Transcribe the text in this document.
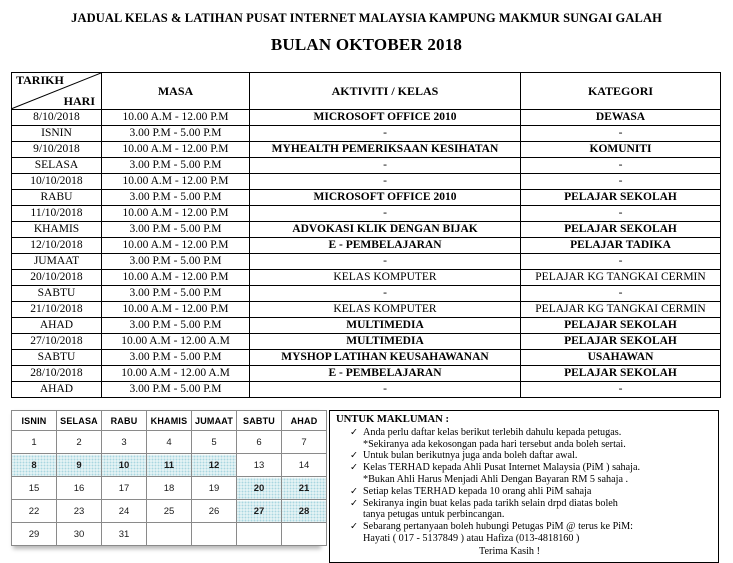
JADUAL KELAS & LATIHAN PUSAT INTERNET MALAYSIA KAMPUNG MAKMUR SUNGAI GALAH
BULAN OKTOBER 2018
TARIKH
HARI	MASA	AKTIVITI / KELAS	KATEGORI
8/10/2018	10.00 A.M - 12.00 P.M	MICROSOFT OFFICE 2010	DEWASA
ISNIN	3.00 P.M - 5.00 P.M	-	-
9/10/2018	10.00 A.M - 12.00 P.M	MYHEALTH PEMERIKSAAN KESIHATAN	KOMUNITI
SELASA	3.00 P.M - 5.00 P.M	-	-
10/10/2018	10.00 A.M - 12.00 P.M	-	-
RABU	3.00 P.M - 5.00 P.M	MICROSOFT OFFICE 2010	PELAJAR SEKOLAH
11/10/2018	10.00 A.M - 12.00 P.M	-	-
KHAMIS	3.00 P.M - 5.00 P.M	ADVOKASI KLIK DENGAN BIJAK	PELAJAR SEKOLAH
12/10/2018	10.00 A.M - 12.00 P.M	E - PEMBELAJARAN	PELAJAR TADIKA
JUMAAT	3.00 P.M - 5.00 P.M	-	-
20/10/2018	10.00 A.M - 12.00 P.M	KELAS KOMPUTER	PELAJAR KG TANGKAI CERMIN
SABTU	3.00 P.M - 5.00 P.M	-	-
21/10/2018	10.00 A.M - 12.00 P.M	KELAS KOMPUTER	PELAJAR KG TANGKAI CERMIN
AHAD	3.00 P.M - 5.00 P.M	MULTIMEDIA	PELAJAR SEKOLAH
27/10/2018	10.00 A.M - 12.00 A.M	MULTIMEDIA	PELAJAR SEKOLAH
SABTU	3.00 P.M - 5.00 P.M	MYSHOP LATIHAN KEUSAHAWANAN	USAHAWAN
28/10/2018	10.00 A.M - 12.00 A.M	E - PEMBELAJARAN	PELAJAR SEKOLAH
AHAD	3.00 P.M - 5.00 P.M	-	-
ISNIN	SELASA	RABU	KHAMIS	JUMAAT	SABTU	AHAD
1	2	3	4	5	6	7
8	9	10	11	12	13	14
15	16	17	18	19	20	21
22	23	24	25	26	27	28
29	30	31				
UNTUK MAKLUMAN :
✓ Anda perlu daftar kelas berikut terlebih dahulu kepada petugas.
*Sekiranya ada kekosongan pada hari tersebut anda boleh sertai.
✓ Untuk bulan berikutnya juga anda boleh daftar awal.
✓ Kelas TERHAD kepada Ahli Pusat Internet Malaysia (PiM ) sahaja.
*Bukan Ahli Harus Menjadi Ahli Dengan Bayaran RM 5 sahaja .
✓ Setiap kelas TERHAD kepada 10 orang ahli PiM sahaja
✓ Sekiranya ingin buat kelas pada tarikh selain drpd diatas boleh
tanya petugas untuk perbincangan.
✓ Sebarang pertanyaan boleh hubungi Petugas PiM @ terus ke PiM:
Hayati ( 017 - 5137849 ) atau Hafiza (013-4818160 )
Terima Kasih !
